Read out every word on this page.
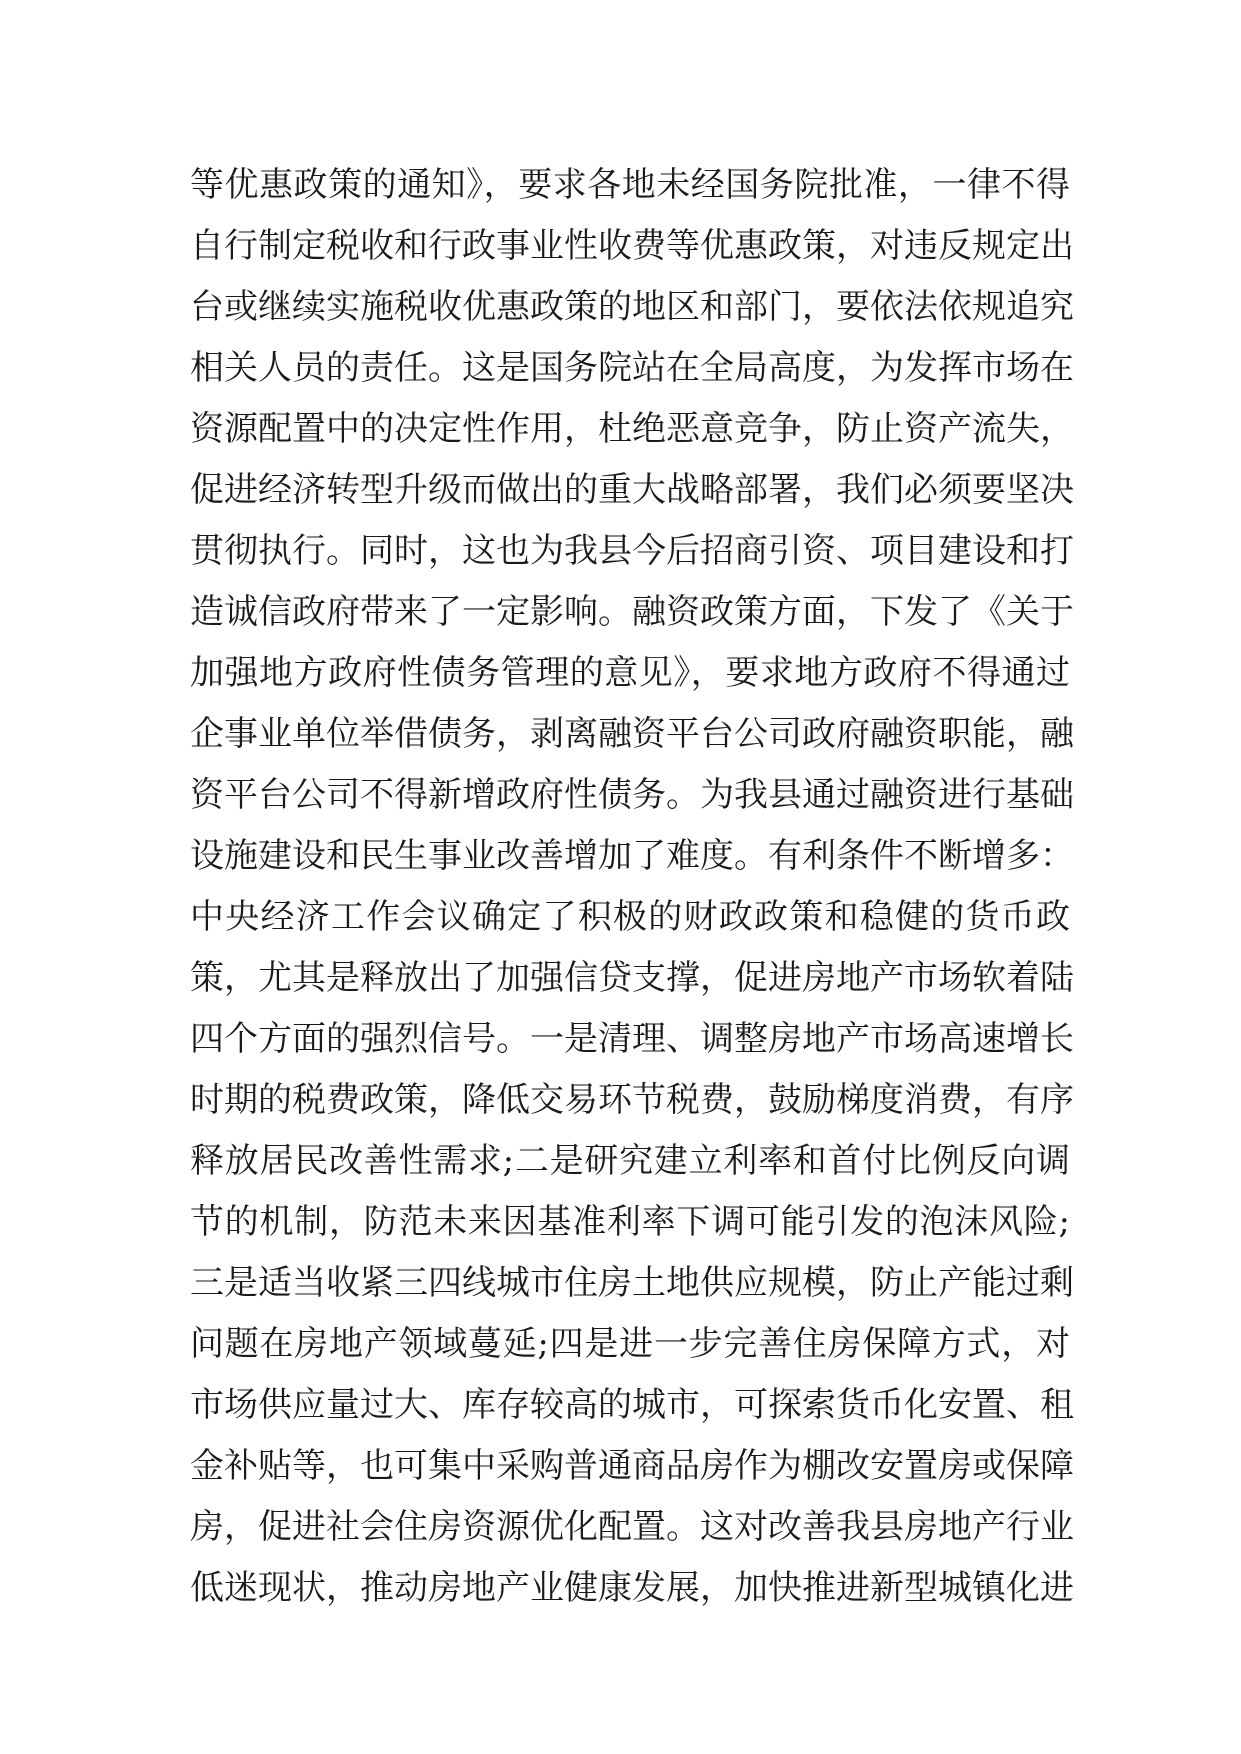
等优惠政策的通知》，要求各地未经国务院批准，一律不得
自行制定税收和行政事业性收费等优惠政策，对违反规定出
台或继续实施税收优惠政策的地区和部门，要依法依规追究
相关人员的责任。这是国务院站在全局高度，为发挥市场在
资源配置中的决定性作用，杜绝恶意竞争，防止资产流失，
促进经济转型升级而做出的重大战略部署，我们必须要坚决
贯彻执行。同时，这也为我县今后招商引资、项目建设和打
造诚信政府带来了一定影响。融资政策方面，下发了《关于
加强地方政府性债务管理的意见》，要求地方政府不得通过
企事业单位举借债务，剥离融资平台公司政府融资职能，融
资平台公司不得新增政府性债务。为我县通过融资进行基础
设施建设和民生事业改善增加了难度。有利条件不断增多：
中央经济工作会议确定了积极的财政政策和稳健的货币政
策，尤其是释放出了加强信贷支撑，促进房地产市场软着陆
四个方面的强烈信号。一是清理、调整房地产市场高速增长
时期的税费政策，降低交易环节税费，鼓励梯度消费，有序
释放居民改善性需求;二是研究建立利率和首付比例反向调
节的机制，防范未来因基准利率下调可能引发的泡沫风险;
三是适当收紧三四线城市住房土地供应规模，防止产能过剩
问题在房地产领域蔓延;四是进一步完善住房保障方式，对
市场供应量过大、库存较高的城市，可探索货币化安置、租
金补贴等，也可集中采购普通商品房作为棚改安置房或保障
房，促进社会住房资源优化配置。这对改善我县房地产行业
低迷现状，推动房地产业健康发展，加快推进新型城镇化进
